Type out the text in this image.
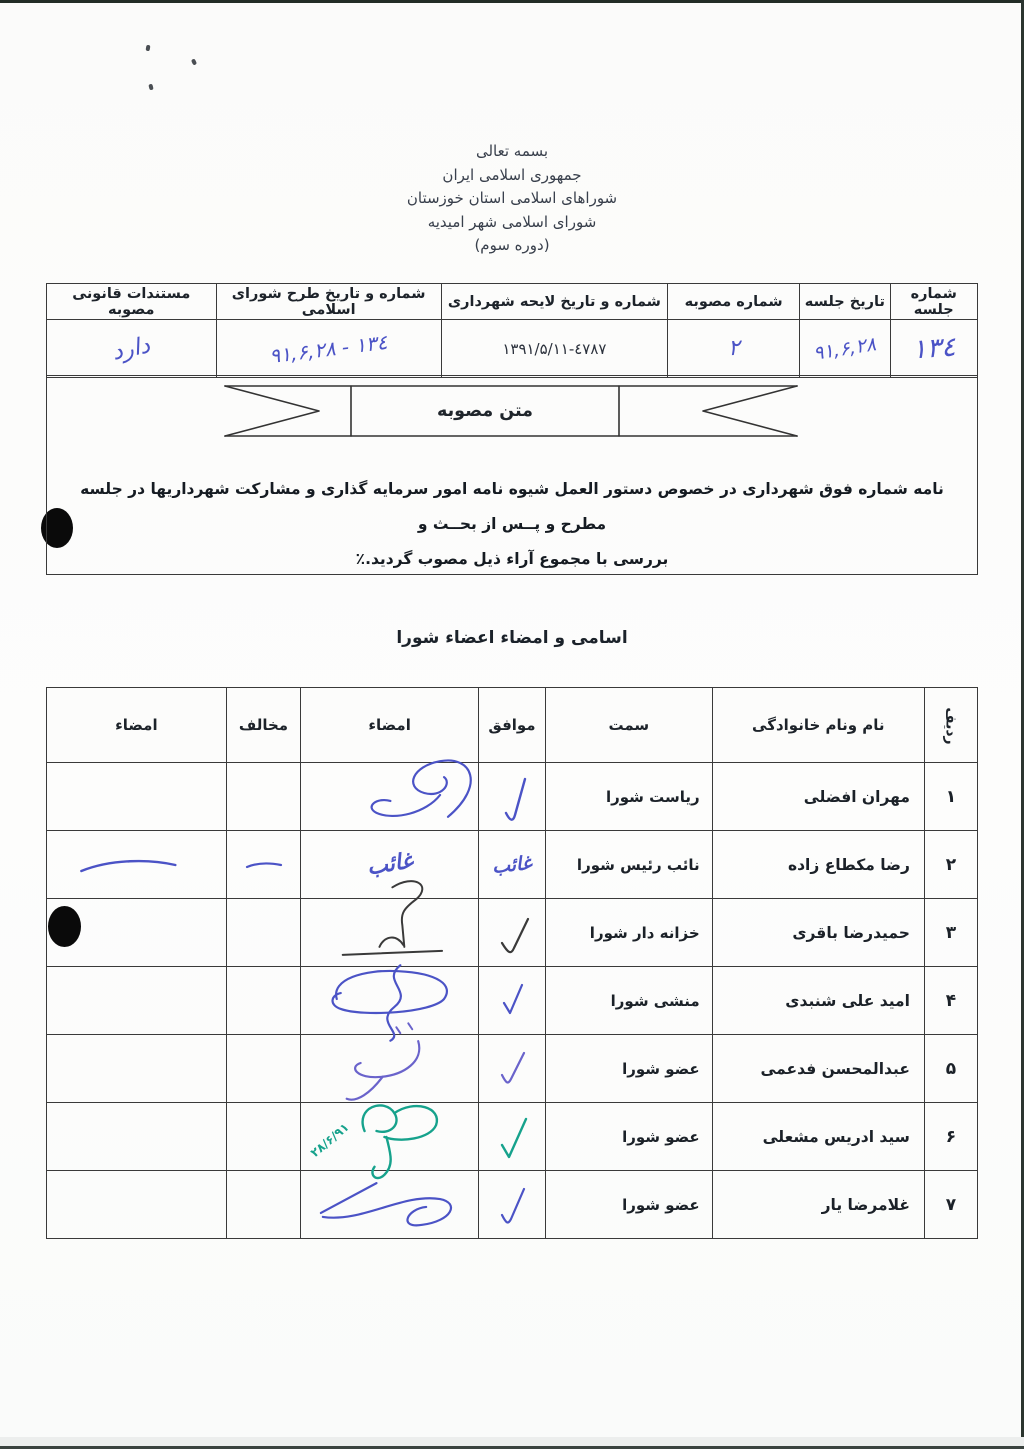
بسمه تعالی
جمهوری اسلامی ایران
شوراهای اسلامی استان خوزستان
شورای اسلامی شهر امیدیه
(دوره سوم)
شماره جلسه	تاریخ جلسه	شماره مصوبه	شماره و تاریخ لایحه شهرداری	شماره و تاریخ طرح شورای اسلامی	مستندات قانونی مصوبه
۱۳٤	۹۱,۶,۲۸	۲	۱۳۹۱/۵/۱۱-٤٧٨٧	۹۱,۶,۲۸ - ۱۳٤	دارد
متن مصوبه
نامه شماره فوق شهرداری در خصوص دستور العمل شیوه نامه امور سرمایه گذاری و مشارکت شهرداریها در جلسه مطرح و پــس از بحــث و
بررسی با مجموع آراء ذیل مصوب گردید.٪
اسامی و امضاء اعضاء شورا
ردیف	نام ونام خانوادگی	سمت	موافق	امضاء	مخالف	امضاء
۱	مهران افضلی	ریاست شورا	

۲	رضا مکطاع زاده	نائب رئیس شورا	غائب	غائب	

۳	حمیدرضا باقری	خزانه دار شورا	

۴	امید علی شنبدی	منشی شورا	

۵	عبدالمحسن فدعمی	عضو شورا	

۶	سید ادریس مشعلی	عضو شورا		۲۸/۶/۹۱		

۷	غلامرضا یار	عضو شورا	
